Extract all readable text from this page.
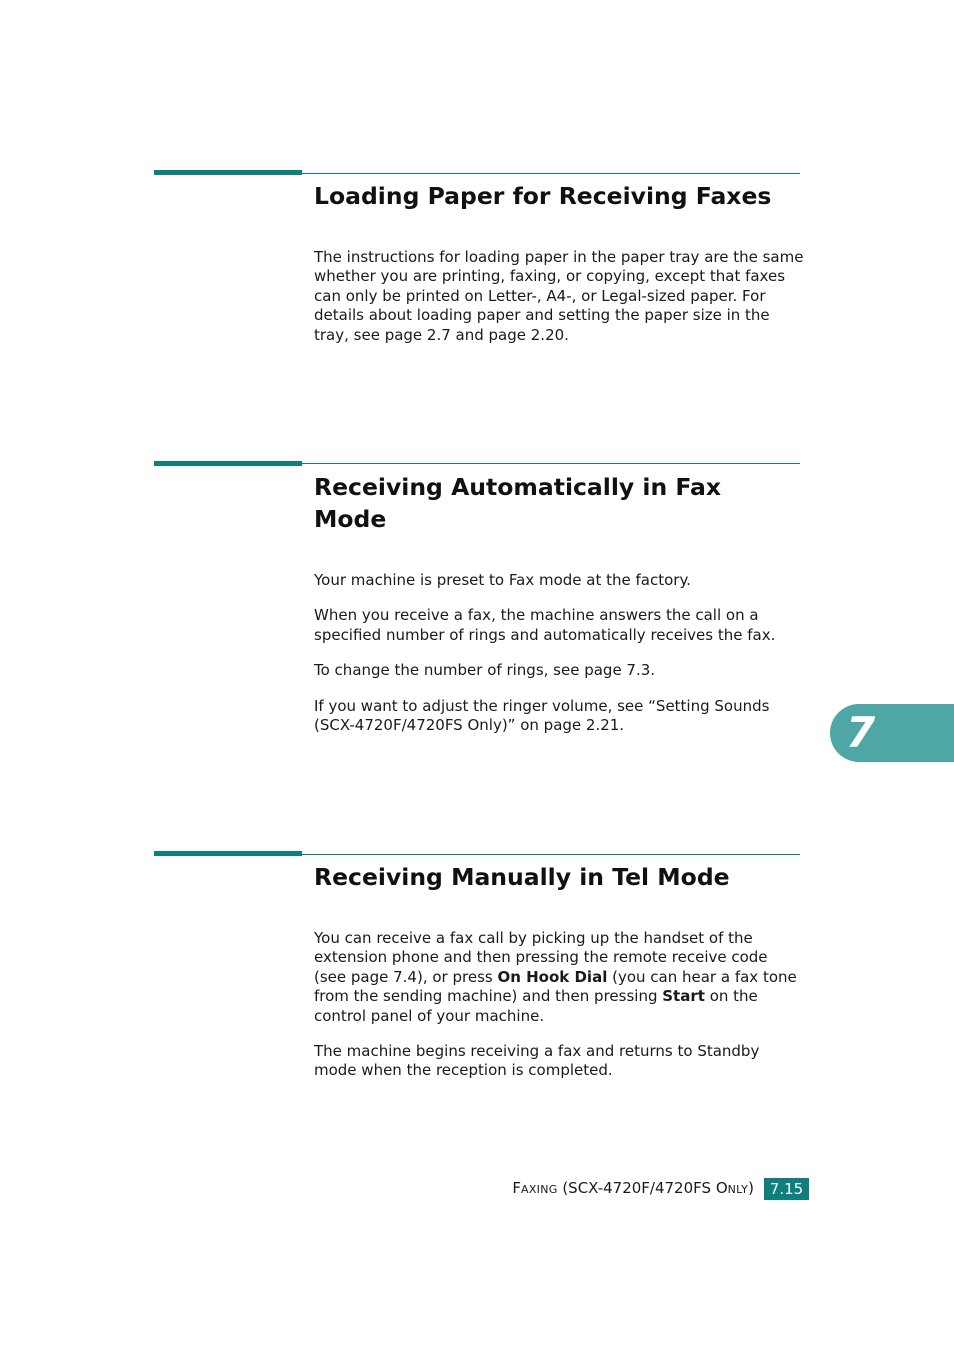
Loading Paper for Receiving Faxes

The instructions for loading paper in the paper tray are the same whether you are printing, faxing, or copying, except that faxes can only be printed on Letter-, A4-, or Legal-sized paper. For details about loading paper and setting the paper size in the tray, see page 2.7 and page 2.20.

Receiving Automatically in Fax Mode

Your machine is preset to Fax mode at the factory.

When you receive a fax, the machine answers the call on a specified number of rings and automatically receives the fax.

To change the number of rings, see page 7.3.

If you want to adjust the ringer volume, see “Setting Sounds (SCX-4720F/4720FS Only)” on page 2.21.

Receiving Manually in Tel Mode

You can receive a fax call by picking up the handset of the extension phone and then pressing the remote receive code (see page 7.4), or press On Hook Dial (you can hear a fax tone from the sending machine) and then pressing Start on the control panel of your machine.

The machine begins receiving a fax and returns to Standby mode when the reception is completed.

7
FAXING (SCX-4720F/4720FS ONLY)	7.15
